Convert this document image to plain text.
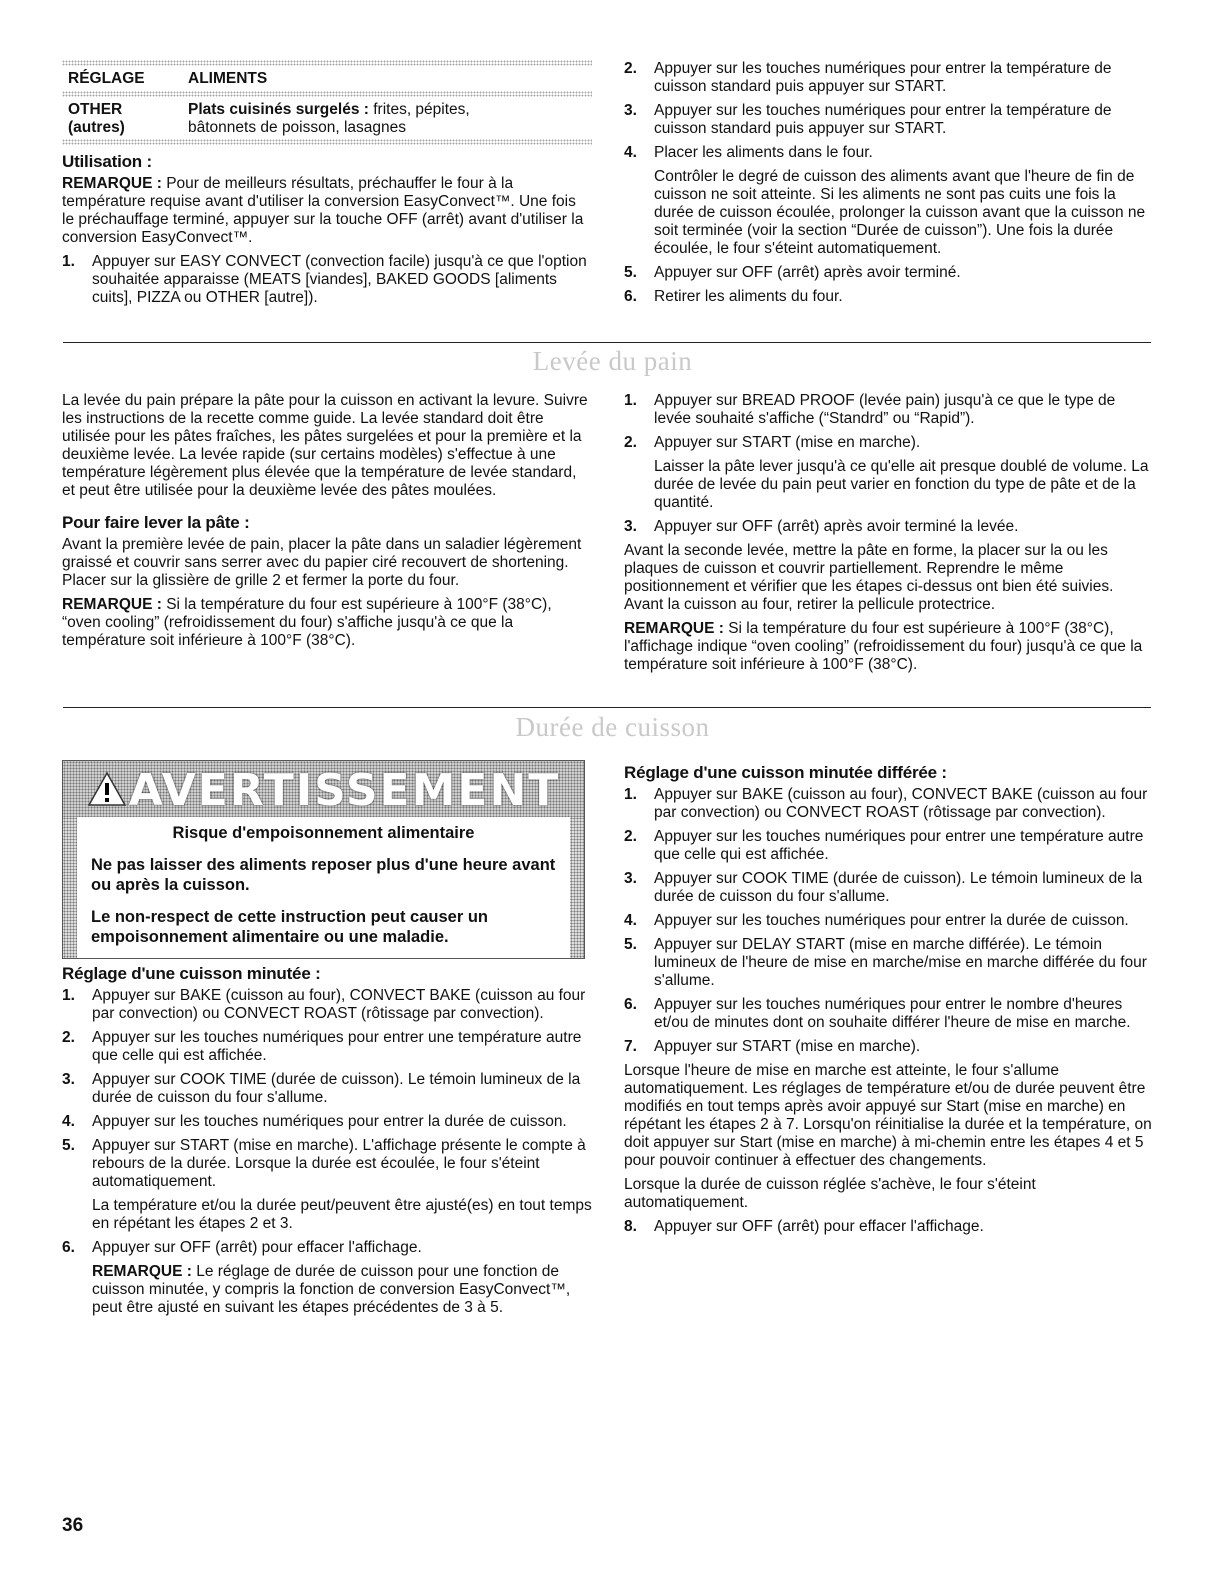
RÉGLAGE	ALIMENTS
OTHER
(autres)
Plats cuisinés surgelés : frites, pépites,
bâtonnets de poisson, lasagnes
Utilisation :

REMARQUE : Pour de meilleurs résultats, préchauffer le four à la température requise avant d'utiliser la conversion EasyConvect™. Une fois le préchauffage terminé, appuyer sur la touche OFF (arrêt) avant d'utiliser la conversion EasyConvect™.

1. Appuyer sur EASY CONVECT (convection facile) jusqu'à ce que l'option souhaitée apparaisse (MEATS [viandes], BAKED GOODS [aliments cuits], PIZZA ou OTHER [autre]).
2. Appuyer sur les touches numériques pour entrer la température de cuisson standard puis appuyer sur START.
3. Appuyer sur les touches numériques pour entrer la température de cuisson standard puis appuyer sur START.
4. Placer les aliments dans le four.
Contrôler le degré de cuisson des aliments avant que l'heure de fin de cuisson ne soit atteinte. Si les aliments ne sont pas cuits une fois la durée de cuisson écoulée, prolonger la cuisson avant que la cuisson ne soit terminée (voir la section “Durée de cuisson”). Une fois la durée écoulée, le four s'éteint automatiquement.
5. Appuyer sur OFF (arrêt) après avoir terminé.
6. Retirer les aliments du four.
Levée du pain

La levée du pain prépare la pâte pour la cuisson en activant la levure. Suivre les instructions de la recette comme guide. La levée standard doit être utilisée pour les pâtes fraîches, les pâtes surgelées et pour la première et la deuxième levée. La levée rapide (sur certains modèles) s'effectue à une température légèrement plus élevée que la température de levée standard, et peut être utilisée pour la deuxième levée des pâtes moulées.

Pour faire lever la pâte :

Avant la première levée de pain, placer la pâte dans un saladier légèrement graissé et couvrir sans serrer avec du papier ciré recouvert de shortening. Placer sur la glissière de grille 2 et fermer la porte du four.

REMARQUE : Si la température du four est supérieure à 100°F (38°C), “oven cooling” (refroidissement du four) s'affiche jusqu'à ce que la température soit inférieure à 100°F (38°C).

1. Appuyer sur BREAD PROOF (levée pain) jusqu'à ce que le type de levée souhaité s'affiche (“Standrd” ou “Rapid”).
2. Appuyer sur START (mise en marche).
Laisser la pâte lever jusqu'à ce qu'elle ait presque doublé de volume. La durée de levée du pain peut varier en fonction du type de pâte et de la quantité.
3. Appuyer sur OFF (arrêt) après avoir terminé la levée.

Avant la seconde levée, mettre la pâte en forme, la placer sur la ou les plaques de cuisson et couvrir partiellement. Reprendre le même positionnement et vérifier que les étapes ci-dessus ont bien été suivies. Avant la cuisson au four, retirer la pellicule protectrice.

REMARQUE : Si la température du four est supérieure à 100°F (38°C), l'affichage indique “oven cooling” (refroidissement du four) jusqu'à ce que la température soit inférieure à 100°F (38°C).

Durée de cuisson
AVERTISSEMENT
Risque d'empoisonnement alimentaire
Ne pas laisser des aliments reposer plus d'une heure avant ou après la cuisson.
Le non-respect de cette instruction peut causer un empoisonnement alimentaire ou une maladie.
Réglage d'une cuisson minutée :
1. Appuyer sur BAKE (cuisson au four), CONVECT BAKE (cuisson au four par convection) ou CONVECT ROAST (rôtissage par convection).
2. Appuyer sur les touches numériques pour entrer une température autre que celle qui est affichée.
3. Appuyer sur COOK TIME (durée de cuisson). Le témoin lumineux de la durée de cuisson du four s'allume.
4. Appuyer sur les touches numériques pour entrer la durée de cuisson.
5. Appuyer sur START (mise en marche). L'affichage présente le compte à rebours de la durée. Lorsque la durée est écoulée, le four s'éteint automatiquement.
La température et/ou la durée peut/peuvent être ajusté(es) en tout temps en répétant les étapes 2 et 3.
6. Appuyer sur OFF (arrêt) pour effacer l'affichage.
REMARQUE : Le réglage de durée de cuisson pour une fonction de cuisson minutée, y compris la fonction de conversion EasyConvect™, peut être ajusté en suivant les étapes précédentes de 3 à 5.
Réglage d'une cuisson minutée différée :
1. Appuyer sur BAKE (cuisson au four), CONVECT BAKE (cuisson au four par convection) ou CONVECT ROAST (rôtissage par convection).
2. Appuyer sur les touches numériques pour entrer une température autre que celle qui est affichée.
3. Appuyer sur COOK TIME (durée de cuisson). Le témoin lumineux de la durée de cuisson du four s'allume.
4. Appuyer sur les touches numériques pour entrer la durée de cuisson.
5. Appuyer sur DELAY START (mise en marche différée). Le témoin lumineux de l'heure de mise en marche/mise en marche différée du four s'allume.
6. Appuyer sur les touches numériques pour entrer le nombre d'heures et/ou de minutes dont on souhaite différer l'heure de mise en marche.
7. Appuyer sur START (mise en marche).

Lorsque l'heure de mise en marche est atteinte, le four s'allume automatiquement. Les réglages de température et/ou de durée peuvent être modifiés en tout temps après avoir appuyé sur Start (mise en marche) en répétant les étapes 2 à 7. Lorsqu'on réinitialise la durée et la température, on doit appuyer sur Start (mise en marche) à mi-chemin entre les étapes 4 et 5 pour pouvoir continuer à effectuer des changements.

Lorsque la durée de cuisson réglée s'achève, le four s'éteint automatiquement.

8. Appuyer sur OFF (arrêt) pour effacer l'affichage.
36
